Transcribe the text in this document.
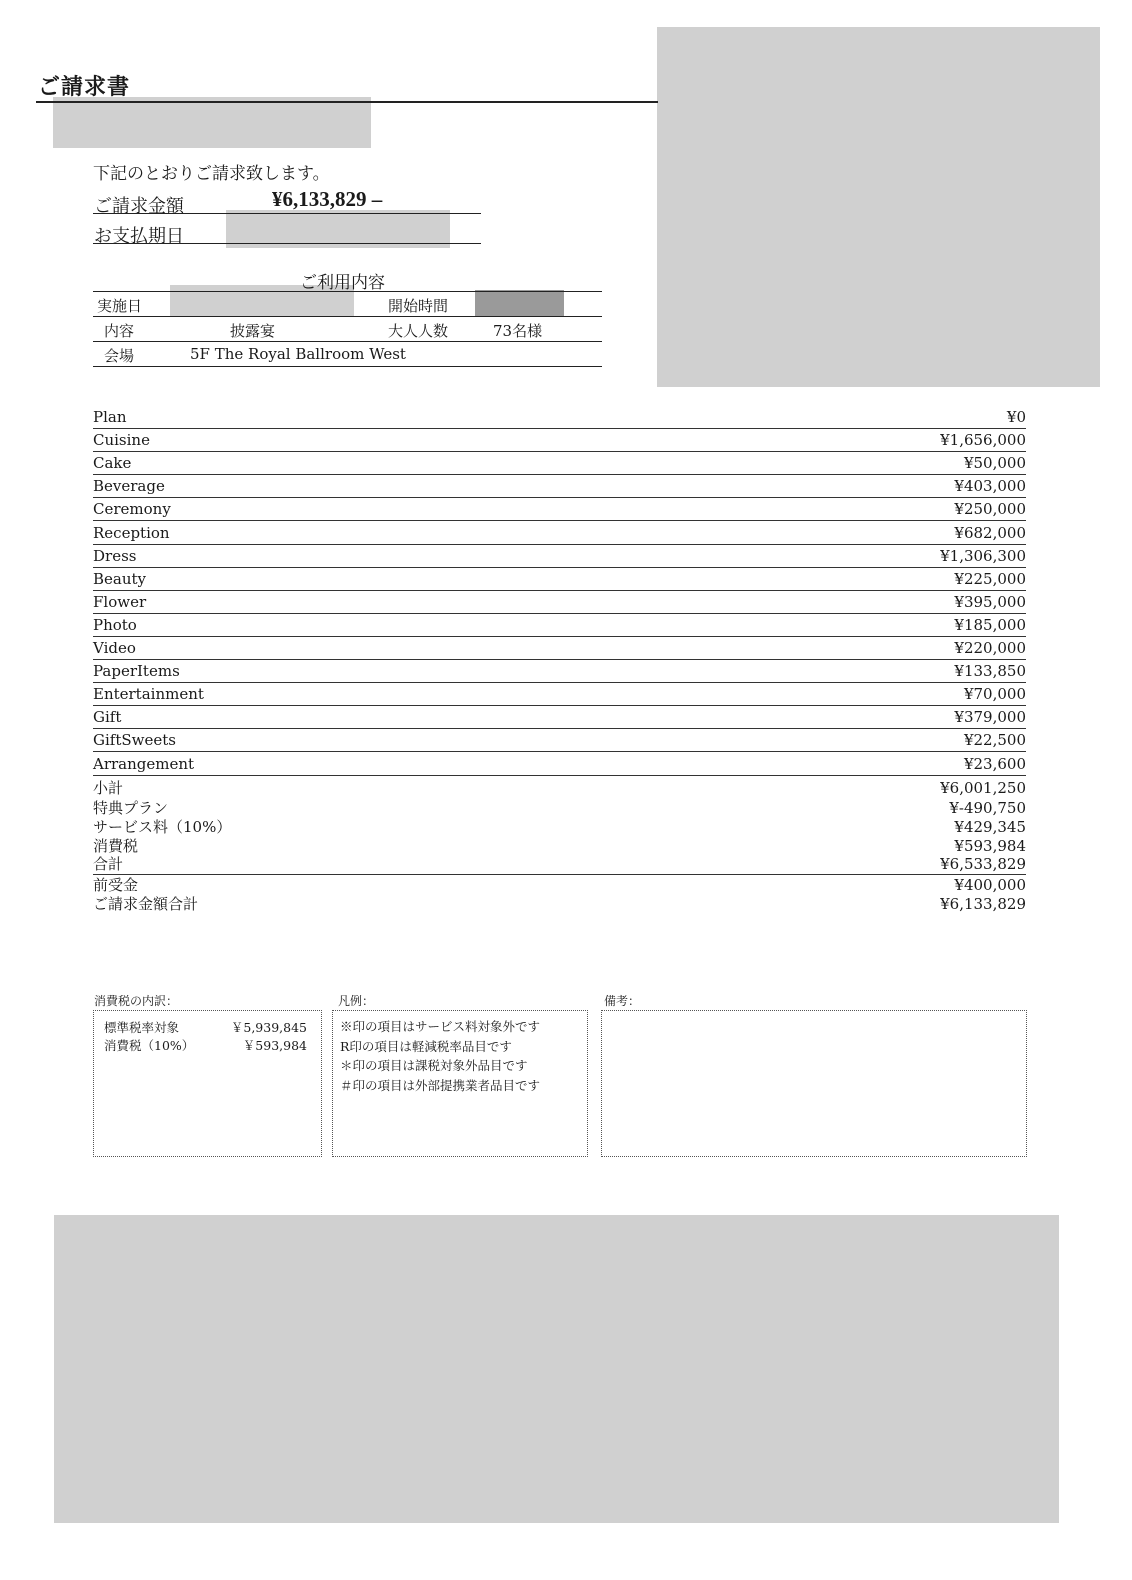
ご請求書
下記のとおりご請求致します。
ご請求金額	¥6,133,829 –
お支払期日
ご利用内容
実施日	開始時間
内容	披露宴	大人人数	73名様
会場	5F The Royal Ballroom West
Plan	¥0
Cuisine	¥1,656,000
Cake	¥50,000
Beverage	¥403,000
Ceremony	¥250,000
Reception	¥682,000
Dress	¥1,306,300
Beauty	¥225,000
Flower	¥395,000
Photo	¥185,000
Video	¥220,000
PaperItems	¥133,850
Entertainment	¥70,000
Gift	¥379,000
GiftSweets	¥22,500
Arrangement	¥23,600
小計	¥6,001,250
特典プラン	¥-490,750
サービス料（10%）	¥429,345
消費税	¥593,984
合計	¥6,533,829
前受金	¥400,000
ご請求金額合計	¥6,133,829
消費税の内訳：
標準税率対象	￥5,939,845
消費税（10%）	￥593,984
凡例：
※印の項目はサービス料対象外です
R印の項目は軽減税率品目です
＊印の項目は課税対象外品目です
＃印の項目は外部提携業者品目です
備考：
